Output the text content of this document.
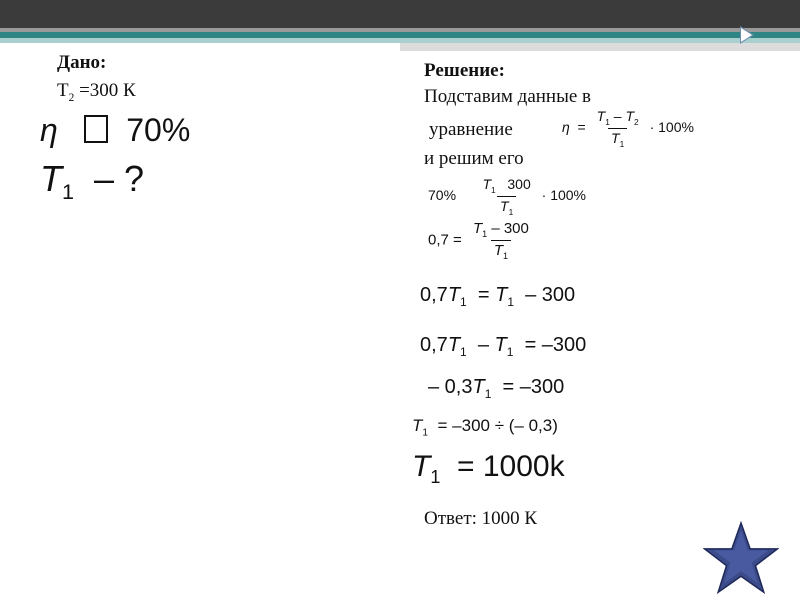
Дано:
$T_2 =300$ К
η 70%
$T_1$ – ?
Решение:
Подставим данные в
уравнение
и решим его
$\eta = \frac{T_1 - T_2}{T_1} \cdot 100\%$
$70\% \frac{T_1 300}{T_1} \cdot 100\%$
$0,7 = \frac{T_1 - 300}{T_1}$
$0,7T_1 = T_1 - 300$
$0,7T_1 - T_1 = -300$
– $0,3T_1 = -300$
$T_1 = -300$ ÷ (– 0,3)
$T_1 = 1000k$
Ответ: 1000 К
